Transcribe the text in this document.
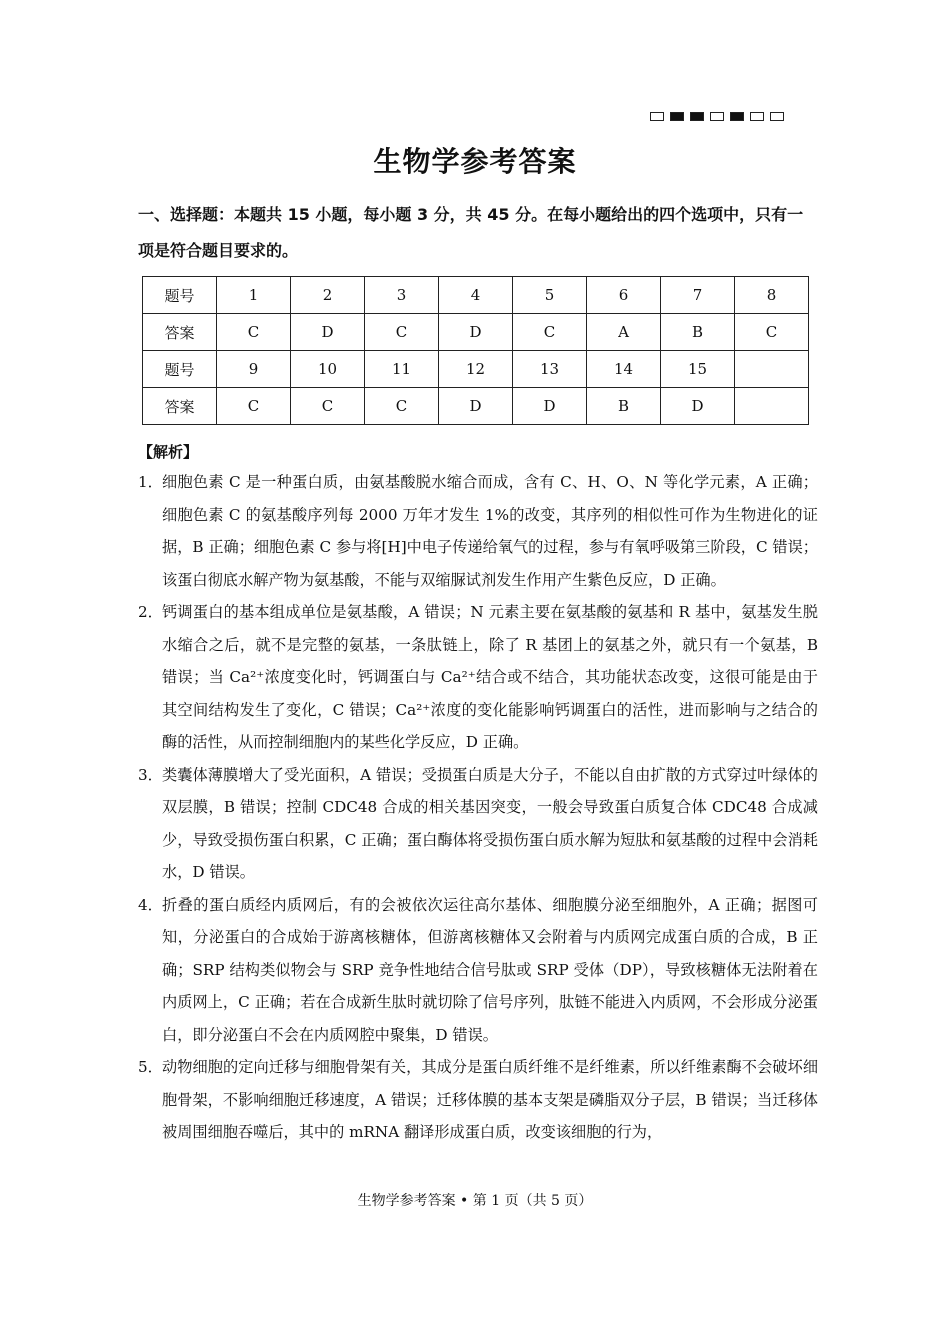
生物学参考答案
一、选择题：本题共 15 小题，每小题 3 分，共 45 分。在每小题给出的四个选项中，只有一项是符合题目要求的。
题号	1	2	3	4	5	6	7	8
答案	C	D	C	D	C	A	B	C
题号	9	10	11	12	13	14	15	
答案	C	C	C	D	D	B	D	
【解析】
1． 细胞色素 C 是一种蛋白质，由氨基酸脱水缩合而成，含有 C、H、O、N 等化学元素，A 正确；细胞色素 C 的氨基酸序列每 2000 万年才发生 1%的改变，其序列的相似性可作为生物进化的证据，B 正确；细胞色素 C 参与将[H]中电子传递给氧气的过程，参与有氧呼吸第三阶段，C 错误；该蛋白彻底水解产物为氨基酸，不能与双缩脲试剂发生作用产生紫色反应，D 正确。
2． 钙调蛋白的基本组成单位是氨基酸，A 错误；N 元素主要在氨基酸的氨基和 R 基中，氨基发生脱水缩合之后，就不是完整的氨基，一条肽链上，除了 R 基团上的氨基之外，就只有一个氨基，B 错误；当 Ca²⁺浓度变化时，钙调蛋白与 Ca²⁺结合或不结合，其功能状态改变，这很可能是由于其空间结构发生了变化，C 错误；Ca²⁺浓度的变化能影响钙调蛋白的活性，进而影响与之结合的酶的活性，从而控制细胞内的某些化学反应，D 正确。
3． 类囊体薄膜增大了受光面积，A 错误；受损蛋白质是大分子，不能以自由扩散的方式穿过叶绿体的双层膜，B 错误；控制 CDC48 合成的相关基因突变，一般会导致蛋白质复合体 CDC48 合成减少，导致受损伤蛋白积累，C 正确；蛋白酶体将受损伤蛋白质水解为短肽和氨基酸的过程中会消耗水，D 错误。
4． 折叠的蛋白质经内质网后，有的会被依次运往高尔基体、细胞膜分泌至细胞外，A 正确；据图可知，分泌蛋白的合成始于游离核糖体，但游离核糖体又会附着与内质网完成蛋白质的合成，B 正确；SRP 结构类似物会与 SRP 竞争性地结合信号肽或 SRP 受体（DP），导致核糖体无法附着在内质网上，C 正确；若在合成新生肽时就切除了信号序列，肽链不能进入内质网，不会形成分泌蛋白，即分泌蛋白不会在内质网腔中聚集，D 错误。
5． 动物细胞的定向迁移与细胞骨架有关，其成分是蛋白质纤维不是纤维素，所以纤维素酶不会破坏细胞骨架，不影响细胞迁移速度，A 错误；迁移体膜的基本支架是磷脂双分子层，B 错误；当迁移体被周围细胞吞噬后，其中的 mRNA 翻译形成蛋白质，改变该细胞的行为，
生物学参考答案 • 第 1 页（共 5 页）
